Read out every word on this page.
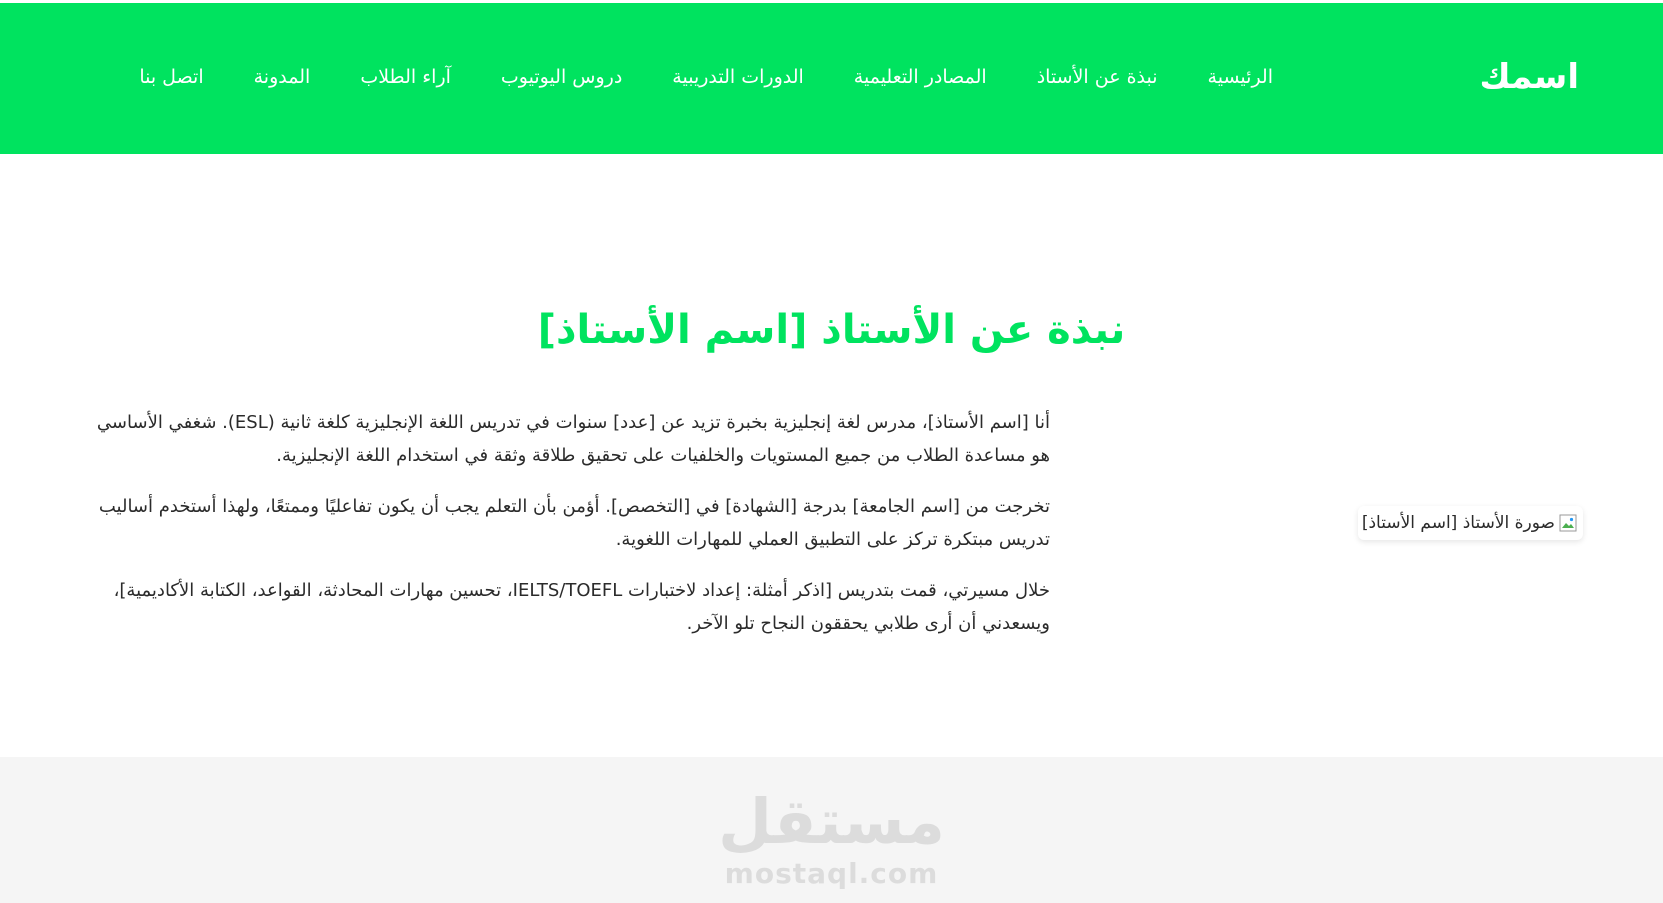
اسمك
الرئيسية
نبذة عن الأستاذ
المصادر التعليمية
الدورات التدريبية
دروس اليوتيوب
آراء الطلاب
المدونة
اتصل بنا
نبذة عن الأستاذ [اسم الأستاذ]

أنا [اسم الأستاذ]، مدرس لغة إنجليزية بخبرة تزيد عن [عدد] سنوات في تدريس اللغة الإنجليزية كلغة ثانية (ESL). شغفي الأساسي هو مساعدة الطلاب من جميع المستويات والخلفيات على تحقيق طلاقة وثقة في استخدام اللغة الإنجليزية.

تخرجت من [اسم الجامعة] بدرجة [الشهادة] في [التخصص]. أؤمن بأن التعلم يجب أن يكون تفاعليًا وممتعًا، ولهذا أستخدم أساليب تدريس مبتكرة تركز على التطبيق العملي للمهارات اللغوية.

خلال مسيرتي، قمت بتدريس [اذكر أمثلة: إعداد لاختبارات IELTS/TOEFL، تحسين مهارات المحادثة، القواعد، الكتابة الأكاديمية]، ويسعدني أن أرى طلابي يحققون النجاح تلو الآخر.

صورة الأستاذ [اسم الأستاذ]
مستقل
mostaql.com
